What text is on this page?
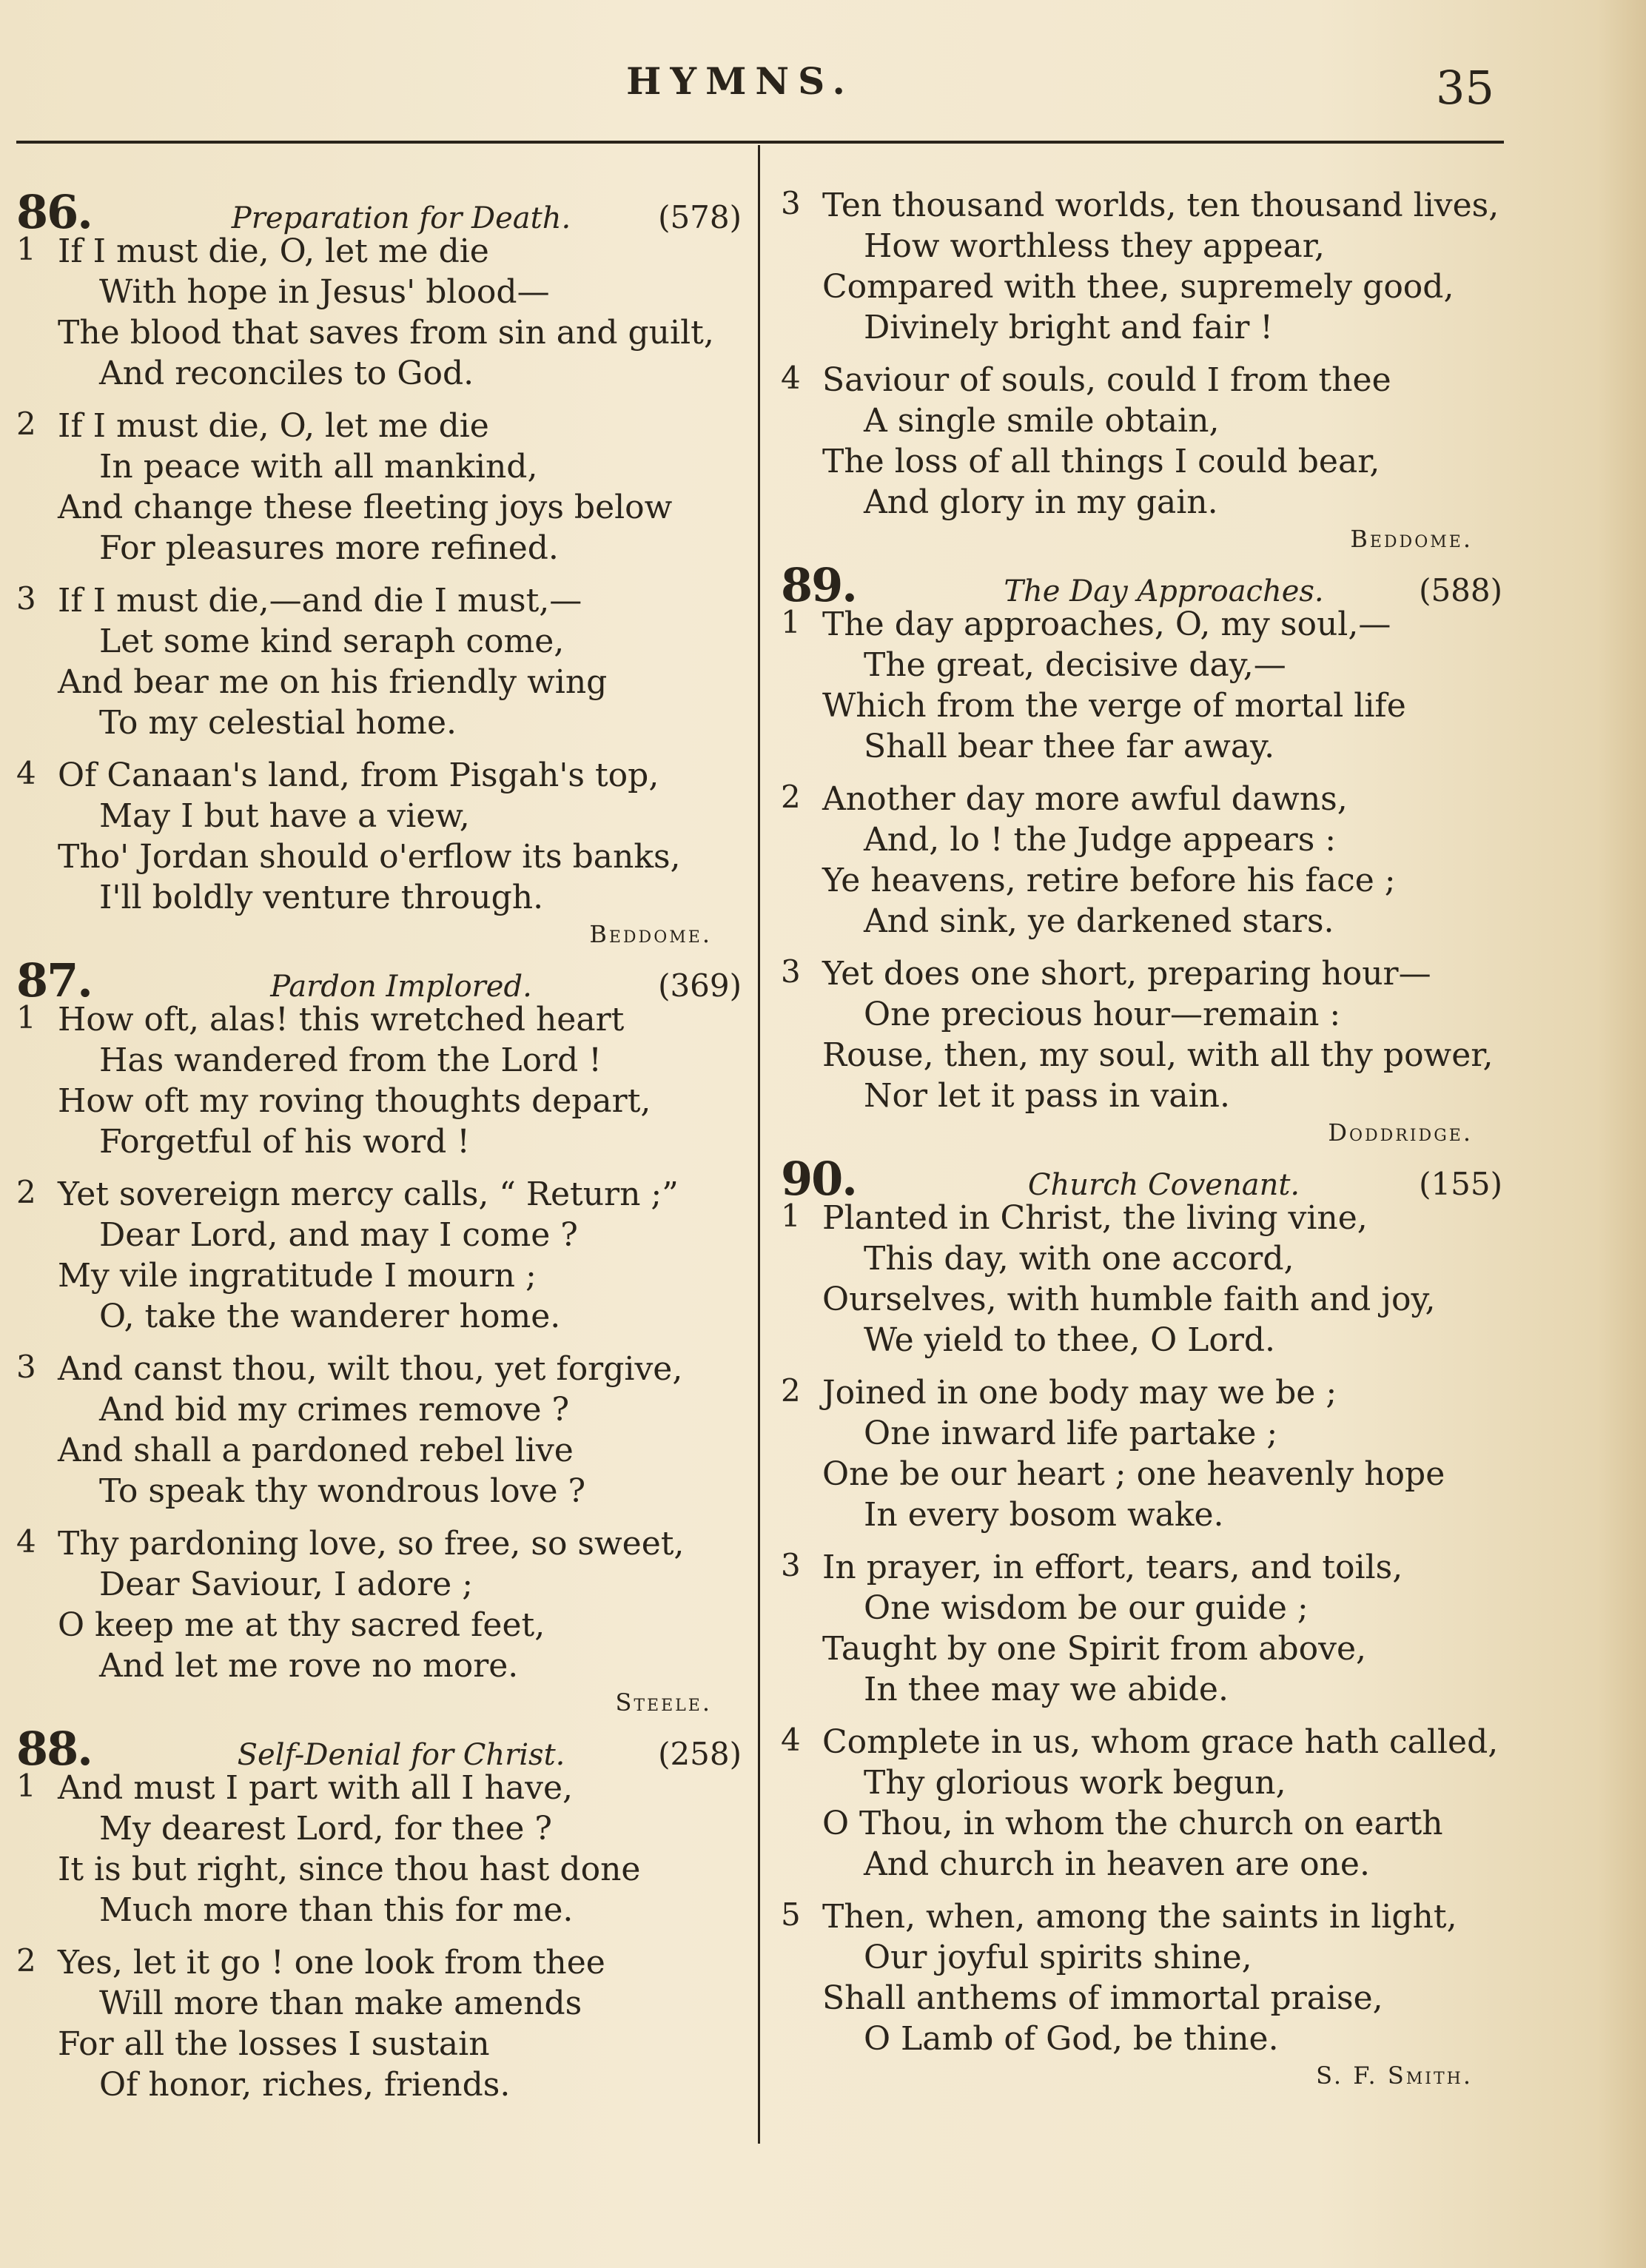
HYMNS.	35
86.	Preparation for Death.	(578)
1 If I must die, O, let me die
With hope in Jesus' blood—
The blood that saves from sin and guilt,
And reconciles to God.
2 If I must die, O, let me die
In peace with all mankind,
And change these fleeting joys below
For pleasures more refined.
3 If I must die,—and die I must,—
Let some kind seraph come,
And bear me on his friendly wing
To my celestial home.
4 Of Canaan's land, from Pisgah's top,
May I but have a view,
Tho' Jordan should o'erflow its banks,
I'll boldly venture through.
Beddome.
87.	Pardon Implored.	(369)
1 How oft, alas! this wretched heart
Has wandered from the Lord !
How oft my roving thoughts depart,
Forgetful of his word !
2 Yet sovereign mercy calls, “ Return ;”
Dear Lord, and may I come ?
My vile ingratitude I mourn ;
O, take the wanderer home.
3 And canst thou, wilt thou, yet forgive,
And bid my crimes remove ?
And shall a pardoned rebel live
To speak thy wondrous love ?
4 Thy pardoning love, so free, so sweet,
Dear Saviour, I adore ;
O keep me at thy sacred feet,
And let me rove no more.
Steele.
88.	Self-Denial for Christ.	(258)
1 And must I part with all I have,
My dearest Lord, for thee ?
It is but right, since thou hast done
Much more than this for me.
2 Yes, let it go ! one look from thee
Will more than make amends
For all the losses I sustain
Of honor, riches, friends.
3 Ten thousand worlds, ten thousand lives,
How worthless they appear,
Compared with thee, supremely good,
Divinely bright and fair !
4 Saviour of souls, could I from thee
A single smile obtain,
The loss of all things I could bear,
And glory in my gain.
Beddome.
89.	The Day Approaches.	(588)
1 The day approaches, O, my soul,—
The great, decisive day,—
Which from the verge of mortal life
Shall bear thee far away.
2 Another day more awful dawns,
And, lo ! the Judge appears :
Ye heavens, retire before his face ;
And sink, ye darkened stars.
3 Yet does one short, preparing hour—
One precious hour—remain :
Rouse, then, my soul, with all thy power,
Nor let it pass in vain.
Doddridge.
90.	Church Covenant.	(155)
1 Planted in Christ, the living vine,
This day, with one accord,
Ourselves, with humble faith and joy,
We yield to thee, O Lord.
2 Joined in one body may we be ;
One inward life partake ;
One be our heart ; one heavenly hope
In every bosom wake.
3 In prayer, in effort, tears, and toils,
One wisdom be our guide ;
Taught by one Spirit from above,
In thee may we abide.
4 Complete in us, whom grace hath called,
Thy glorious work begun,
O Thou, in whom the church on earth
And church in heaven are one.
5 Then, when, among the saints in light,
Our joyful spirits shine,
Shall anthems of immortal praise,
O Lamb of God, be thine.
S. F. Smith.
